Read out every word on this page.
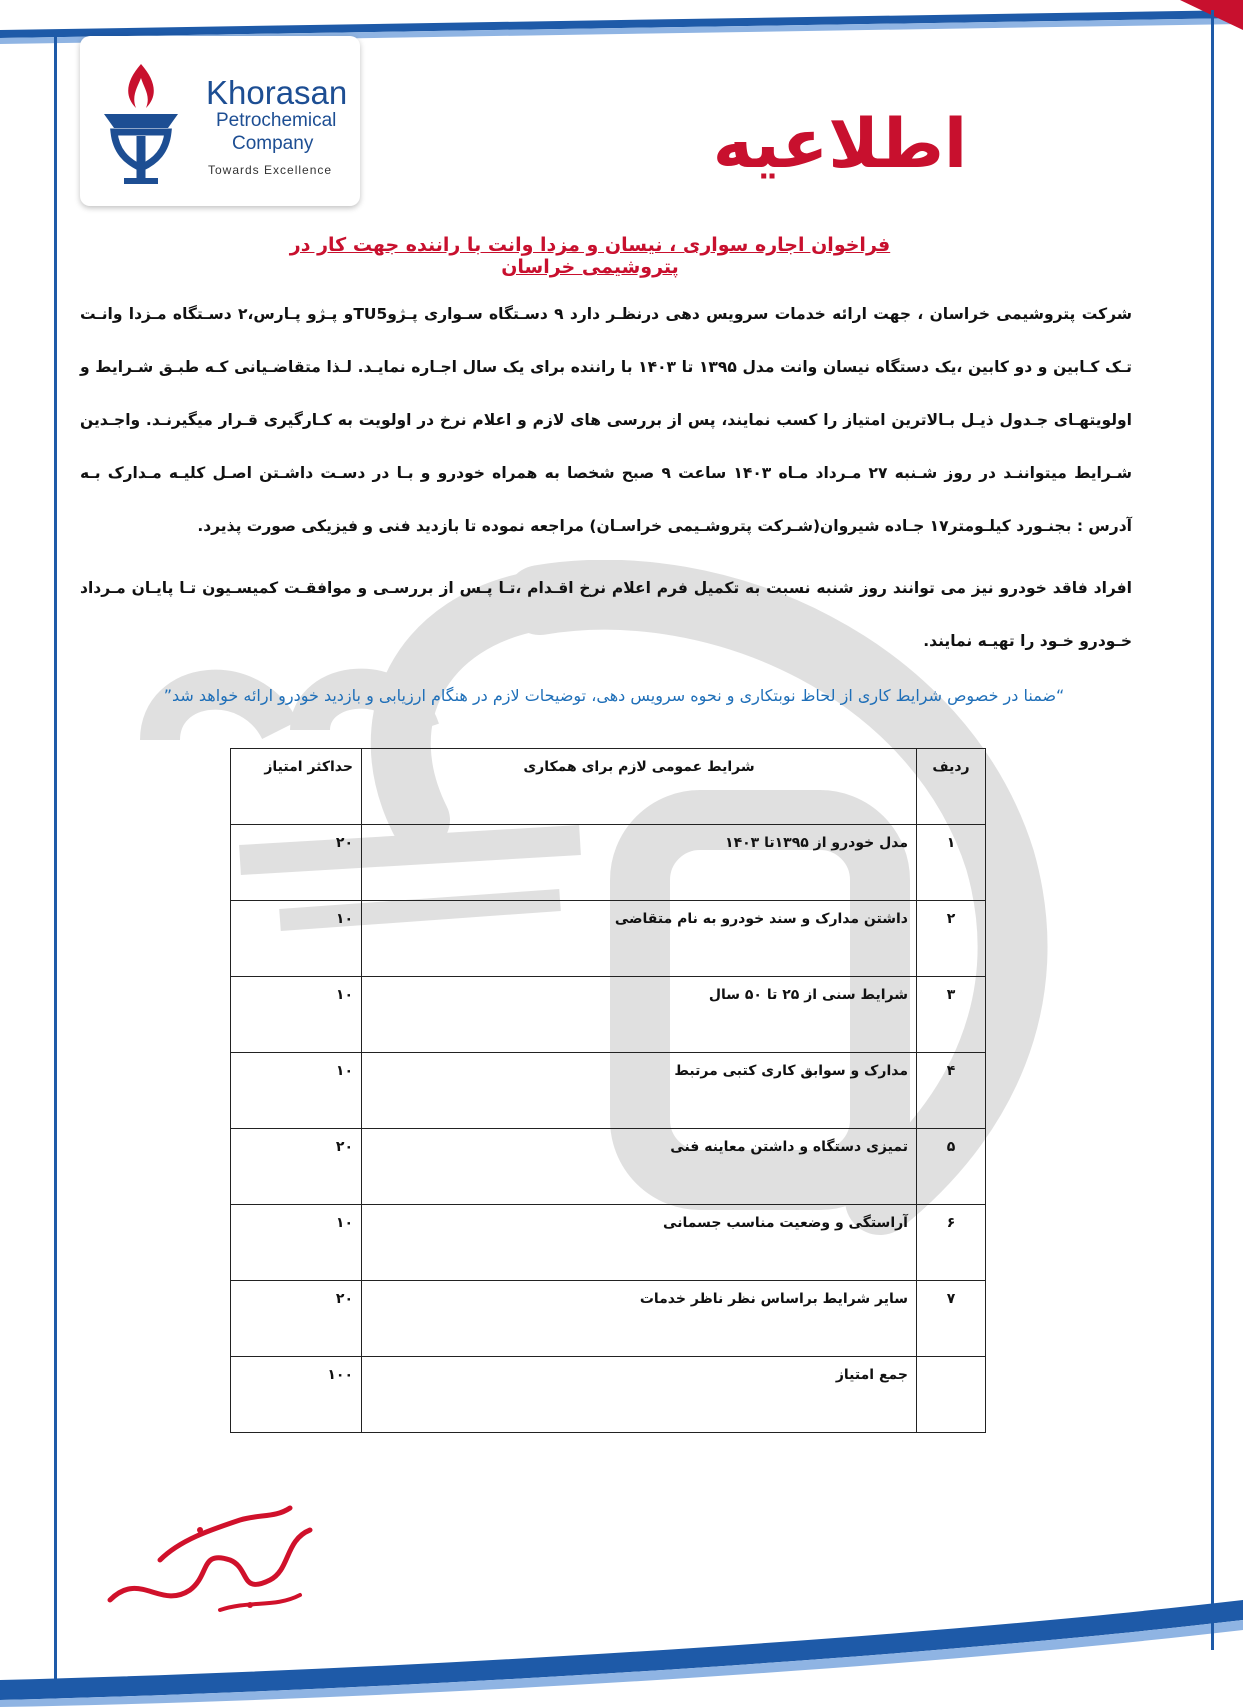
Khorasan
Petrochemical
Company
Towards Excellence	اطلاعیه
فراخوان اجاره سواری ، نیسان و مزدا وانت با راننده جهت کار در پتروشیمی خراسان
شرکت پتروشیمی خراسان ، جهت ارائه خدمات سرویس دهی درنظـر دارد ۹ دسـتگاه سـواری پـژوTU5و پـژو پـارس،۲ دسـتگاه مـزدا وانـت تـک کـابین و دو کابین ،یک دستگاه نیسان وانت مدل ۱۳۹۵ تا ۱۴۰۳ با راننده برای یک سال اجـاره نمایـد. لـذا متقاضـیانی کـه طبـق شـرایط و اولویتهـای جـدول ذیـل بـالاترین امتیاز را کسب نمایند، پس از بررسی های لازم و اعلام نرخ در اولویت به کـارگیری قـرار میگیرنـد. واجـدین شـرایط میتواننـد در روز شـنبه ۲۷ مـرداد مـاه ۱۴۰۳ ساعت ۹ صبح شخصا به همراه خودرو و بـا در دسـت داشـتن اصـل کلیـه مـدارک بـه آدرس : بجنـورد کیلـومتر۱۷ جـاده شیروان(شـرکت پتروشـیمی خراسـان) مراجعه نموده تا بازدید فنی و فیزیکی صورت پذیرد.
افراد فاقد خودرو نیز می توانند روز شنبه نسبت به تکمیل فرم اعلام نرخ اقـدام ،تـا پـس از بررسـی و موافقـت کمیسـیون تـا پایـان مـرداد خـودرو خـود را تهیـه نمایند.
“ضمنا در خصوص شرایط کاری از لحاظ نوبتکاری و نحوه سرویس دهی، توضیحات لازم در هنگام ارزیابی و بازدید خودرو ارائه خواهد شد”
ردیف	شرایط عمومی لازم برای همکاری	حداکثر امتیاز
۱	مدل خودرو از ۱۳۹۵تا ۱۴۰۳	۲۰
۲	داشتن مدارک و سند خودرو به نام متقاضی	۱۰
۳	شرایط سنی از ۲۵ تا ۵۰ سال	۱۰
۴	مدارک و سوابق کاری کتبی مرتبط	۱۰
۵	تمیزی دستگاه و داشتن معاینه فنی	۲۰
۶	آراستگی و وضعیت مناسب جسمانی	۱۰
۷	سایر شرایط براساس نظر ناظر خدمات	۲۰
	جمع امتیاز	۱۰۰
